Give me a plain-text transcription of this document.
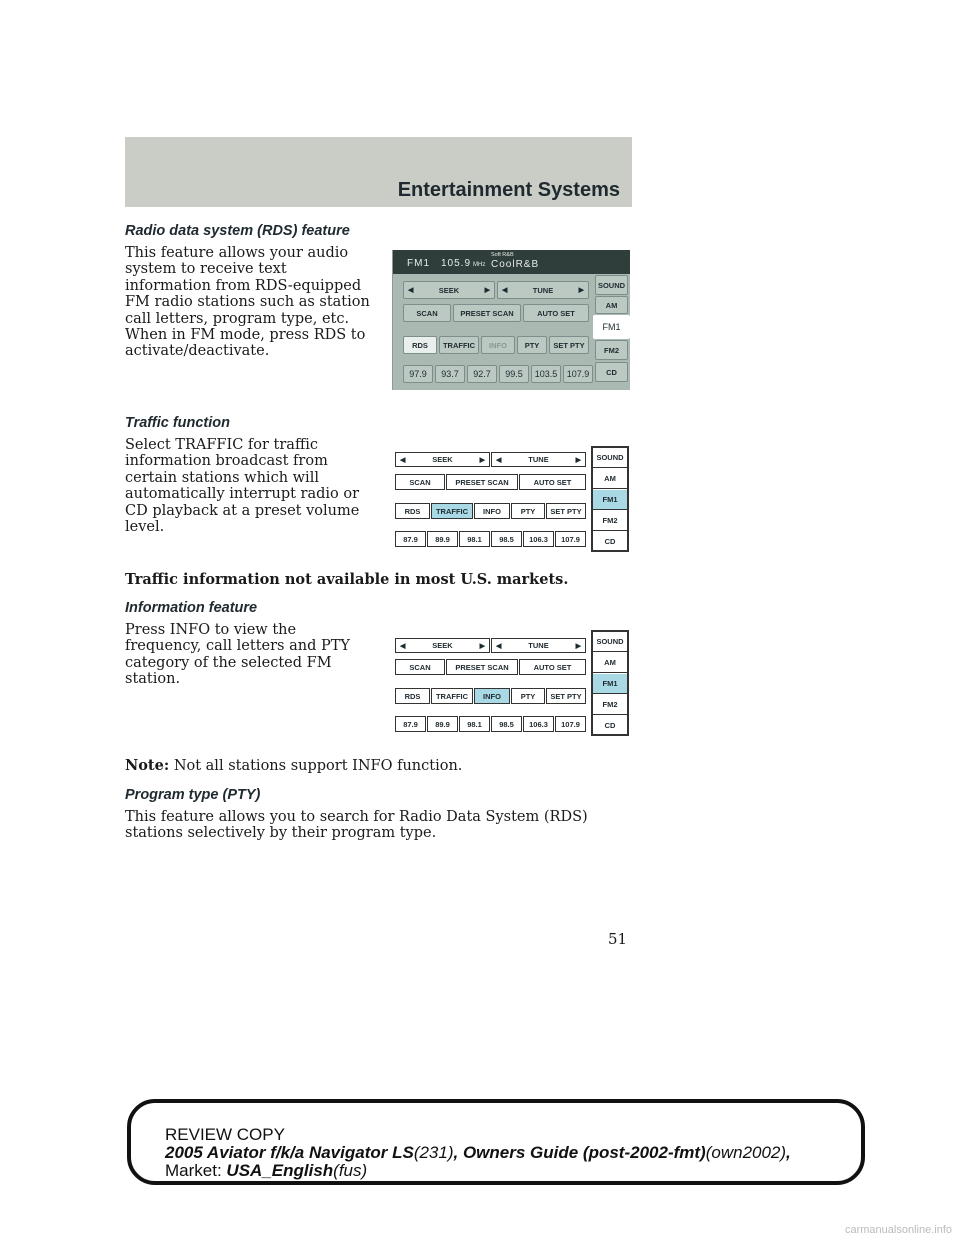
Entertainment Systems
Radio data system (RDS) feature
This feature allows your audio system to receive text information from RDS-equipped FM radio stations such as station call letters, program type, etc. When in FM mode, press RDS to activate/deactivate.
FM1 105.9 MHz
Soft R&B
CoolR&B
◀ SEEK
▶	◀ TUNE
▶
SCAN	PRESET SCAN	AUTO SET
RDS TRAFFIC INFO PTY SET PTY
97.9 93.7 92.7 99.5 103.5 107.9
SOUND
AM
FM1
FM2
CD
Traffic function
Select TRAFFIC for traffic information broadcast from certain stations which will automatically interrupt radio or CD playback at a preset volume level.
◀ SEEK
▶	◀ TUNE
▶
SCAN	PRESET SCAN	AUTO SET
RDS TRAFFIC INFO	PTY SET PTY
87.9 89.9 98.1 98.5 106.3 107.9
SOUND
AM
FM1
FM2
CD
Traffic information not available in most U.S. markets.
Information feature
Press INFO to view the frequency, call letters and PTY category of the selected FM station.
◀ SEEK
▶	◀ TUNE
▶
SCAN	PRESET SCAN	AUTO SET
RDS TRAFFIC INFO	PTY SET PTY
87.9 89.9 98.1 98.5 106.3 107.9
SOUND
AM
FM1
FM2
CD
Note: Not all stations support INFO function.
Program type (PTY)
This feature allows you to search for Radio Data System (RDS) stations selectively by their program type.
51
REVIEW COPY
2005 Aviator f/k/a Navigator LS(231), Owners Guide (post-2002-fmt)(own2002),
Market: USA_English(fus)
carmanualsonline.info
